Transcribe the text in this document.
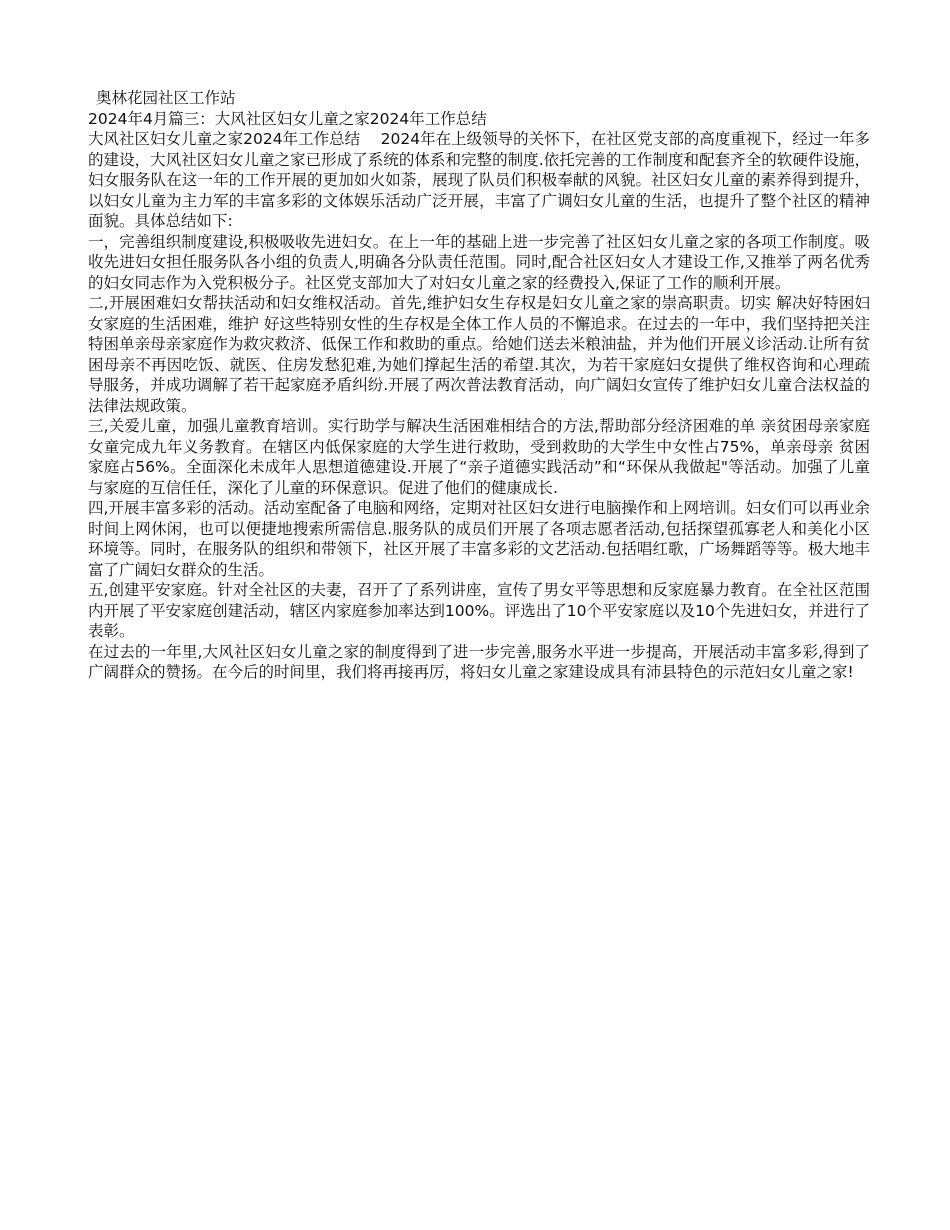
奥林花园社区工作站
2024年4月篇三：大风社区妇女儿童之家2024年工作总结
大风社区妇女儿童之家2024年工作总结　 2024年在上级领导的关怀下，在社区党支部的高度重视下，经过一年多的建设，大风社区妇女儿童之家已形成了系统的体系和完整的制度.依托完善的工作制度和配套齐全的软硬件设施，妇女服务队在这一年的工作开展的更加如火如荼，展现了队员们积极奉献的风貌。社区妇女儿童的素养得到提升，以妇女儿童为主力军的丰富多彩的文体娱乐活动广泛开展，丰富了广调妇女儿童的生活，也提升了整个社区的精神面貌。具体总结如下:
一，完善组织制度建设,积极吸收先进妇女。在上一年的基础上进一步完善了社区妇女儿童之家的各项工作制度。吸收先进妇女担任服务队各小组的负责人,明确各分队责任范围。同时,配合社区妇女人才建设工作,又推举了两名优秀的妇女同志作为入党积极分子。社区党支部加大了对妇女儿童之家的经费投入,保证了工作的顺利开展。
二,开展困难妇女帮扶活动和妇女维权活动。首先,维护妇女生存权是妇女儿童之家的崇高职责。切实 解决好特困妇女家庭的生活困难，维护 好这些特别女性的生存权是全体工作人员的不懈追求。在过去的一年中，我们坚持把关注特困单亲母亲家庭作为救灾救济、低保工作和救助的重点。给她们送去米粮油盐，并为他们开展义诊活动.让所有贫困母亲不再因吃饭、就医、住房发愁犯难,为她们撑起生活的希望.其次，为若干家庭妇女提供了维权咨询和心理疏导服务，并成功调解了若干起家庭矛盾纠纷.开展了两次普法教育活动，向广阔妇女宣传了维护妇女儿童合法权益的法律法规政策。
三,关爱儿童，加强儿童教育培训。实行助学与解决生活困难相结合的方法,帮助部分经济困难的单 亲贫困母亲家庭女童完成九年义务教育。在辖区内低保家庭的大学生进行救助，受到救助的大学生中女性占75%，单亲母亲 贫困家庭占56%。全面深化未成年人思想道德建设.开展了“亲子道德实践活动”和“环保从我做起"等活动。加强了儿童与家庭的互信任任，深化了儿童的环保意识。促进了他们的健康成长.
四,开展丰富多彩的活动。活动室配备了电脑和网络，定期对社区妇女进行电脑操作和上网培训。妇女们可以再业余时间上网休闲，也可以便捷地搜索所需信息.服务队的成员们开展了各项志愿者活动,包括探望孤寡老人和美化小区环境等。同时，在服务队的组织和带领下，社区开展了丰富多彩的文艺活动.包括唱红歌，广场舞蹈等等。极大地丰富了广阔妇女群众的生活。
五,创建平安家庭。针对全社区的夫妻，召开了了系列讲座，宣传了男女平等思想和反家庭暴力教育。在全社区范围内开展了平安家庭创建活动，辖区内家庭参加率达到100%。评选出了10个平安家庭以及10个先进妇女，并进行了表彰。
在过去的一年里,大风社区妇女儿童之家的制度得到了进一步完善,服务水平进一步提高，开展活动丰富多彩,得到了广阔群众的赞扬。在今后的时间里，我们将再接再厉，将妇女儿童之家建设成具有沛县特色的示范妇女儿童之家!
